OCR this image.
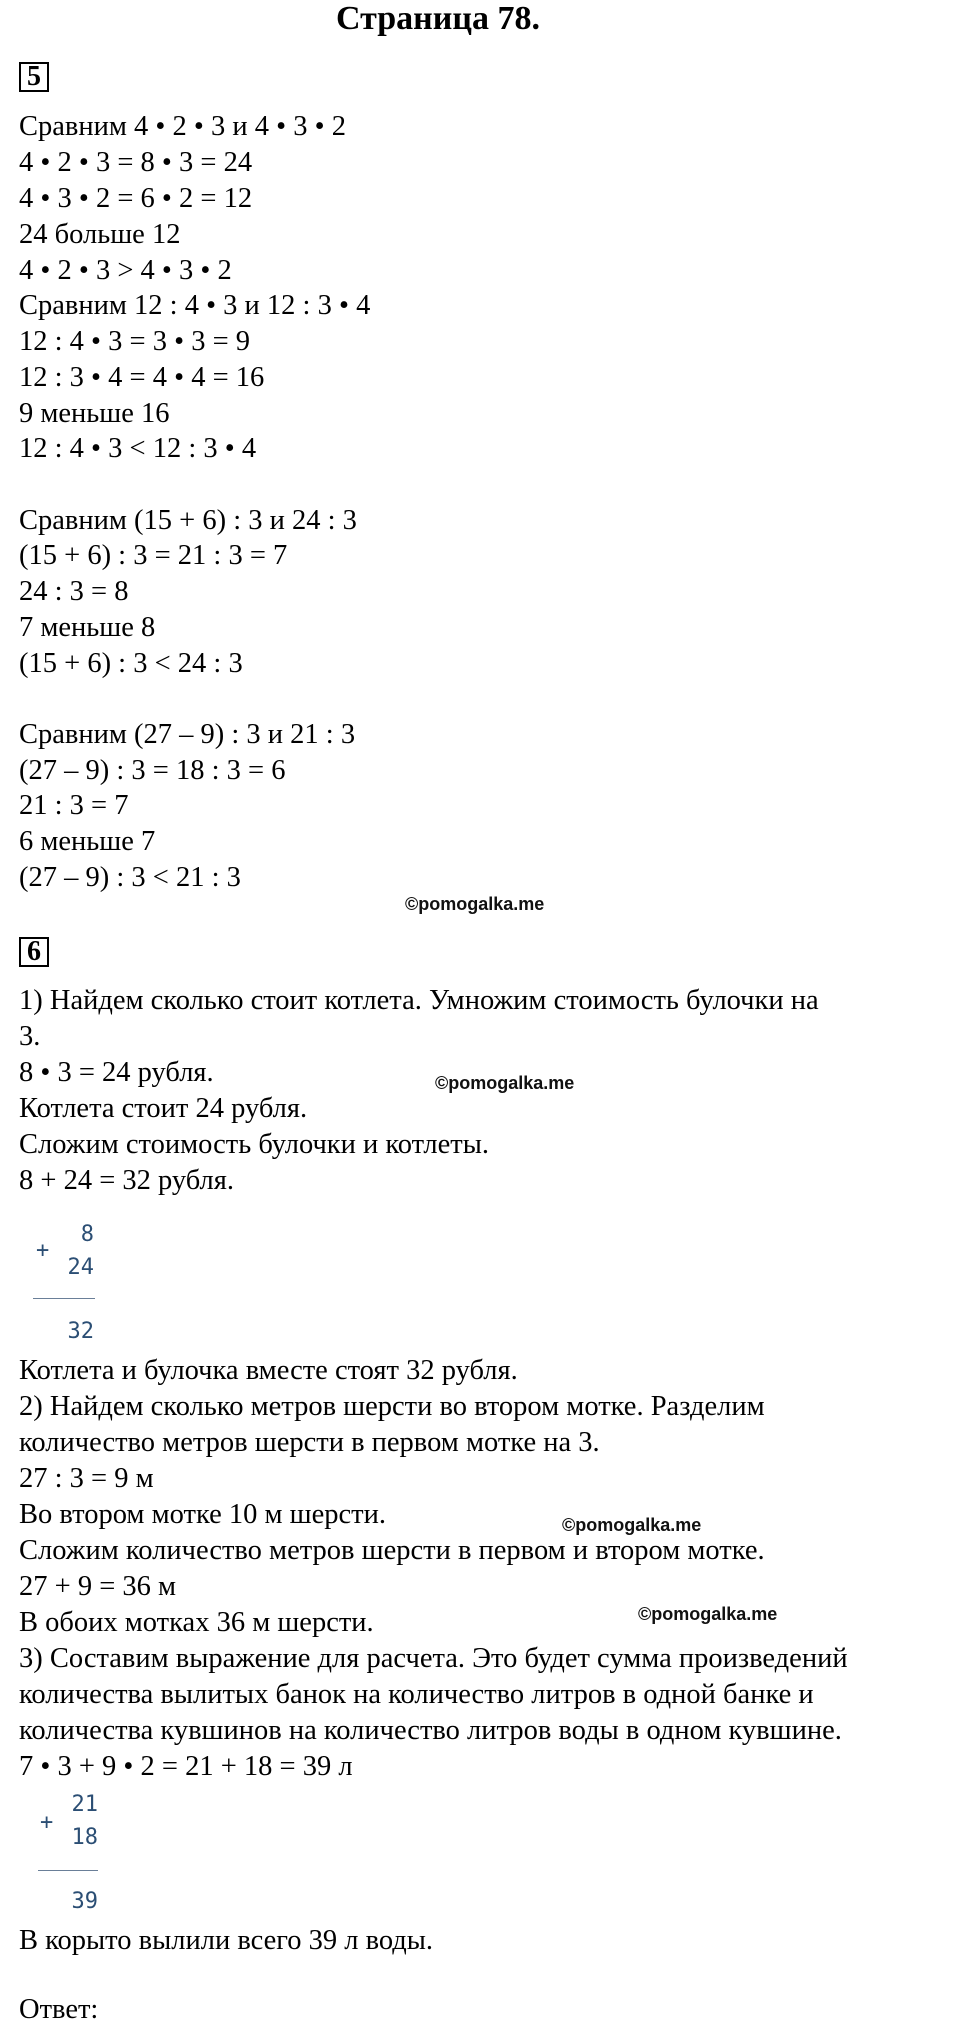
Страница 78.
5
Сравним 4 • 2 • 3 и 4 • 3 • 2
4 • 2 • 3 = 8 • 3 = 24
4 • 3 • 2 = 6 • 2 = 12
24 больше 12
4 • 2 • 3 > 4 • 3 • 2
Сравним 12 : 4 • 3 и 12 : 3 • 4
12 : 4 • 3 = 3 • 3 = 9
12 : 3 • 4 = 4 • 4 = 16
9 меньше 16
12 : 4 • 3 < 12 : 3 • 4
Сравним (15 + 6) : 3 и 24 : 3
(15 + 6) : 3 = 21 : 3 = 7
24 : 3 = 8
7 меньше 8
(15 + 6) : 3 < 24 : 3
Сравним (27 – 9) : 3 и 21 : 3
(27 – 9) : 3 = 18 : 3 = 6
21 : 3 = 7
6 меньше 7
(27 – 9) : 3 < 21 : 3
©pomogalka.me
6
1) Найдем сколько стоит котлета. Умножим стоимость булочки на
3.
8 • 3 = 24 рубля.
Котлета стоит 24 рубля.
Сложим стоимость булочки и котлеты.
8 + 24 = 32 рубля.
©pomogalka.me
+
8
24
32
Котлета и булочка вместе стоят 32 рубля.
2) Найдем сколько метров шерсти во втором мотке. Разделим
количество метров шерсти в первом мотке на 3.
27 : 3 = 9 м
Во втором мотке 10 м шерсти.
Сложим количество метров шерсти в первом и втором мотке.
27 + 9 = 36 м
В обоих мотках 36 м шерсти.
3) Составим выражение для расчета. Это будет сумма произведений
количества вылитых банок на количество литров в одной банке и
количества кувшинов на количество литров воды в одном кувшине.
7 • 3 + 9 • 2 = 21 + 18 = 39 л
©pomogalka.me
©pomogalka.me
+
21
18
39
В корыто вылили всего 39 л воды.
Ответ:
